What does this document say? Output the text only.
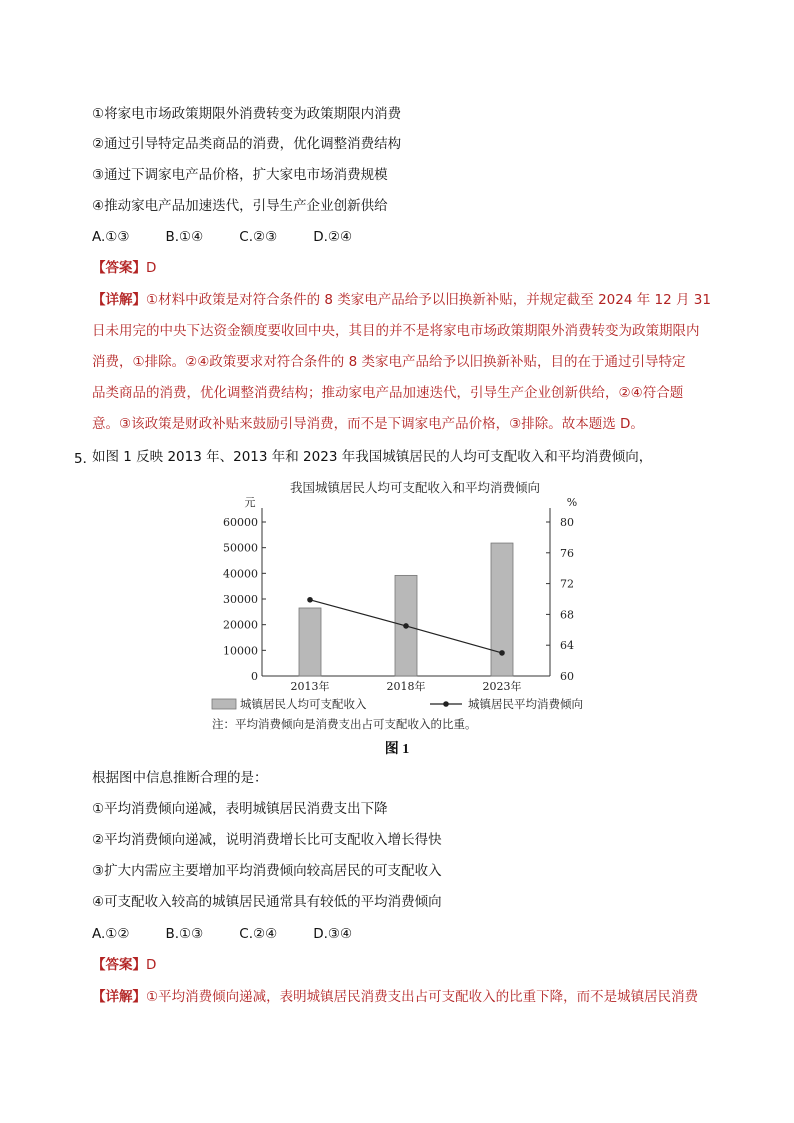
①将家电市场政策期限外消费转变为政策期限内消费
②通过引导特定品类商品的消费，优化调整消费结构
③通过下调家电产品价格，扩大家电市场消费规模
④推动家电产品加速迭代，引导生产企业创新供给
A.①③	B.①④	C.②③	D.②④
【答案】D
【详解】①材料中政策是对符合条件的 8 类家电产品给予以旧换新补贴，并规定截至 2024 年 12 月 31
日未用完的中央下达资金额度要收回中央，其目的并不是将家电市场政策期限外消费转变为政策期限内
消费，①排除。②④政策要求对符合条件的 8 类家电产品给予以旧换新补贴，目的在于通过引导特定
品类商品的消费，优化调整消费结构；推动家电产品加速迭代，引导生产企业创新供给，②④符合题
意。③该政策是财政补贴来鼓励引导消费，而不是下调家电产品价格，③排除。故本题选 D。
5．
如图 1 反映 2013 年、2013 年和 2023 年我国城镇居民的人均可支配收入和平均消费倾向，
我国城镇居民人均可支配收入和平均消费倾向
元	%
0
10000
20000
30000
40000
50000
60000
60
64
68
72
76
80
2013年	2018年	2023年
城镇居民人均可支配收入	城镇居民平均消费倾向
注：平均消费倾向是消费支出占可支配收入的比重。
图 1
根据图中信息推断合理的是：
①平均消费倾向递减，表明城镇居民消费支出下降
②平均消费倾向递减，说明消费增长比可支配收入增长得快
③扩大内需应主要增加平均消费倾向较高居民的可支配收入
④可支配收入较高的城镇居民通常具有较低的平均消费倾向
A.①②	B.①③	C.②④	D.③④
【答案】D
【详解】①平均消费倾向递减，表明城镇居民消费支出占可支配收入的比重下降，而不是城镇居民消费
